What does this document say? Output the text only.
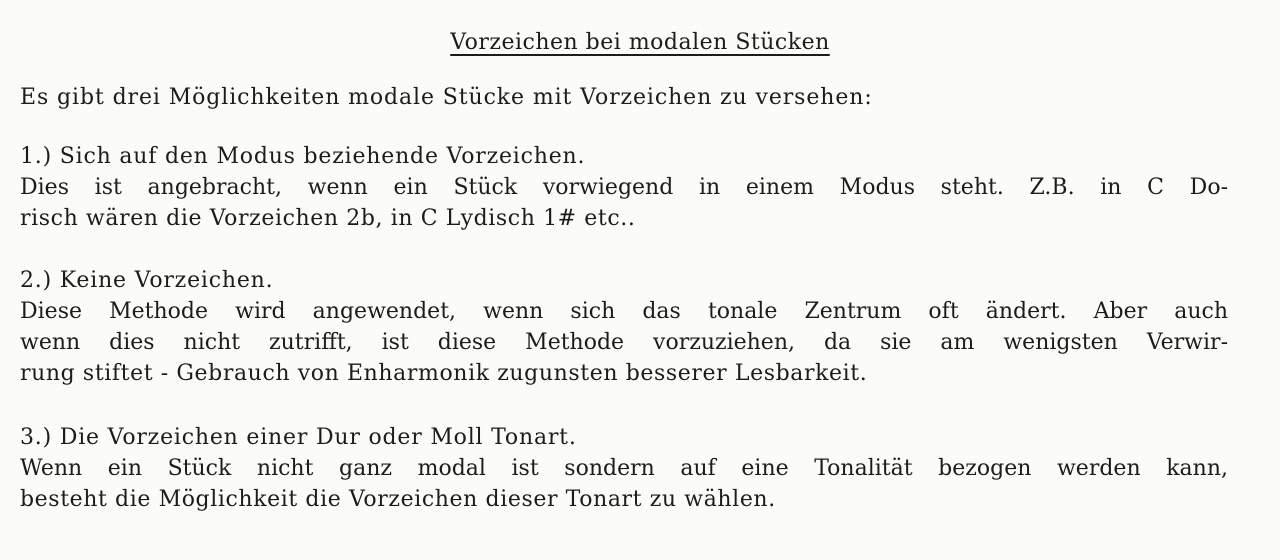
Vorzeichen bei modalen Stücken
Es gibt drei Möglichkeiten modale Stücke mit Vorzeichen zu versehen:
1.) Sich auf den Modus beziehende Vorzeichen.
Dies ist angebracht, wenn ein Stück vorwiegend in einem Modus steht. Z.B. in C Do-
risch wären die Vorzeichen 2b, in C Lydisch 1# etc..
2.) Keine Vorzeichen.
Diese Methode wird angewendet, wenn sich das tonale Zentrum oft ändert. Aber auch
wenn dies nicht zutrifft, ist diese Methode vorzuziehen, da sie am wenigsten Verwir-
rung stiftet - Gebrauch von Enharmonik zugunsten besserer Lesbarkeit.
3.) Die Vorzeichen einer Dur oder Moll Tonart.
Wenn ein Stück nicht ganz modal ist sondern auf eine Tonalität bezogen werden kann,
besteht die Möglichkeit die Vorzeichen dieser Tonart zu wählen.
